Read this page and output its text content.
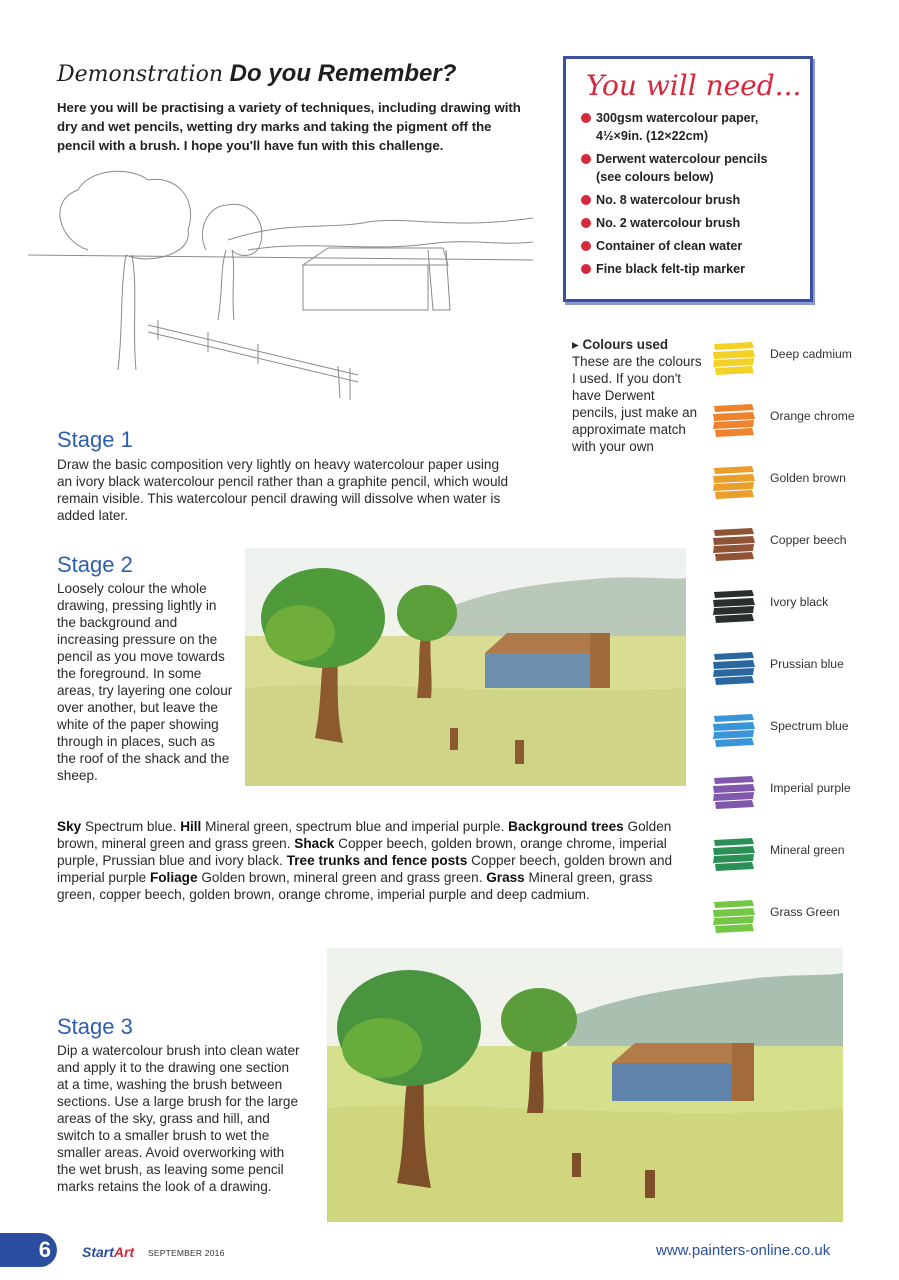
Demonstration Do you Remember?
Here you will be practising a variety of techniques, including drawing with dry and wet pencils, wetting dry marks and taking the pigment off the pencil with a brush. I hope you'll have fun with this challenge.
You will need...
300gsm watercolour paper, 4½×9in. (12×22cm)
Derwent watercolour pencils (see colours below)
No. 8 watercolour brush
No. 2 watercolour brush
Container of clean water
Fine black felt-tip marker
Stage 1
Draw the basic composition very lightly on heavy watercolour paper using an ivory black watercolour pencil rather than a graphite pencil, which would remain visible. This watercolour pencil drawing will dissolve when water is added later.
▸ Colours used
These are the colours I used. If you don't have Derwent pencils, just make an approximate match with your own
Deep cadmium
Orange chrome
Golden brown
Copper beech
Ivory black
Prussian blue
Spectrum blue
Imperial purple
Mineral green
Grass Green
Stage 2
Loosely colour the whole drawing, pressing lightly in the background and increasing pressure on the pencil as you move towards the foreground. In some areas, try layering one colour over another, but leave the white of the paper showing through in places, such as the roof of the shack and the sheep.
Sky Spectrum blue. Hill Mineral green, spectrum blue and imperial purple. Background trees Golden brown, mineral green and grass green. Shack Copper beech, golden brown, orange chrome, imperial purple, Prussian blue and ivory black. Tree trunks and fence posts Copper beech, golden brown and imperial purple Foliage Golden brown, mineral green and grass green. Grass Mineral green, grass green, copper beech, golden brown, orange chrome, imperial purple and deep cadmium.
Stage 3
Dip a watercolour brush into clean water and apply it to the drawing one section at a time, washing the brush between sections. Use a large brush for the large areas of the sky, grass and hill, and switch to a smaller brush to wet the smaller areas. Avoid overworking with the wet brush, as leaving some pencil marks retains the look of a drawing.
6	StartArt SEPTEMBER 2016	www.painters-online.co.uk
